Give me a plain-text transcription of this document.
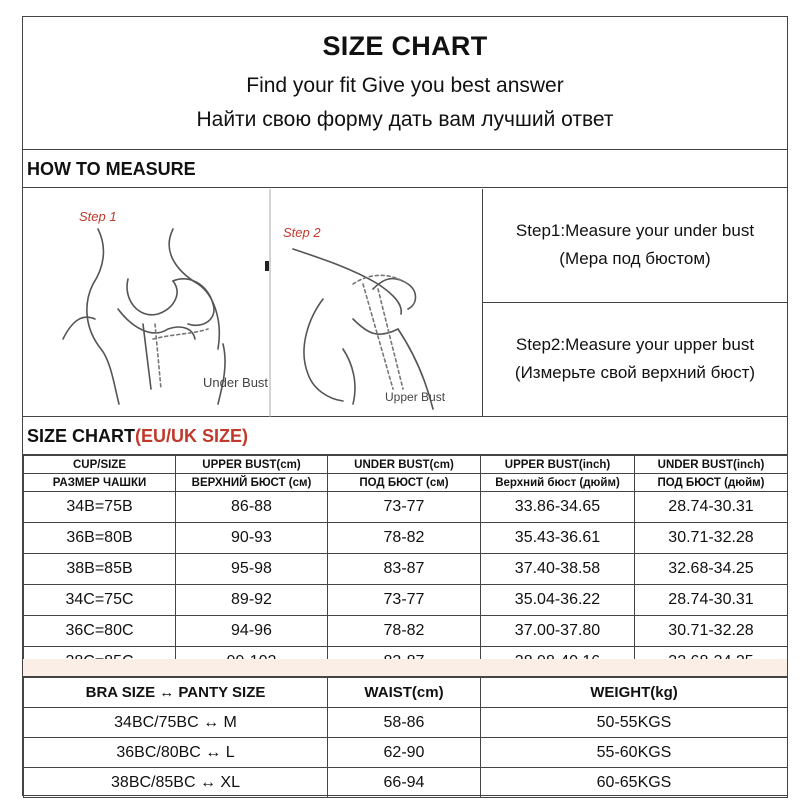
SIZE CHART
Find your fit Give you best answer
Найти свою форму дать вам лучший ответ
HOW TO MEASURE
Step 1
Under Bust
Step 2
Upper Bust
Step1:Measure your under bust
(Мера под бюстом)
Step2:Measure your upper bust
(Измерьте свой верхний бюст)
SIZE CHART(EU/UK SIZE)
CUP/SIZE	UPPER BUST(cm)	UNDER BUST(cm)	UPPER BUST(inch)	UNDER BUST(inch)
РАЗМЕР ЧАШКИ	ВЕРХНИЙ БЮСТ (см)	ПОД БЮСТ (см)	Верхний бюст (дюйм)	ПОД БЮСТ (дюйм)
34B=75B	86-88	73-77	33.86-34.65	28.74-30.31
36B=80B	90-93	78-82	35.43-36.61	30.71-32.28
38B=85B	95-98	83-87	37.40-38.58	32.68-34.25
34C=75C	89-92	73-77	35.04-36.22	28.74-30.31
36C=80C	94-96	78-82	37.00-37.80	30.71-32.28

BRA SIZE ↔ PANTY SIZE	WAIST(cm)	WEIGHT(kg)
34BC/75BC ↔ M	58-86	50-55KGS
36BC/80BC ↔ L	62-90	55-60KGS
38BC/85BC ↔ XL	66-94	60-65KGS
